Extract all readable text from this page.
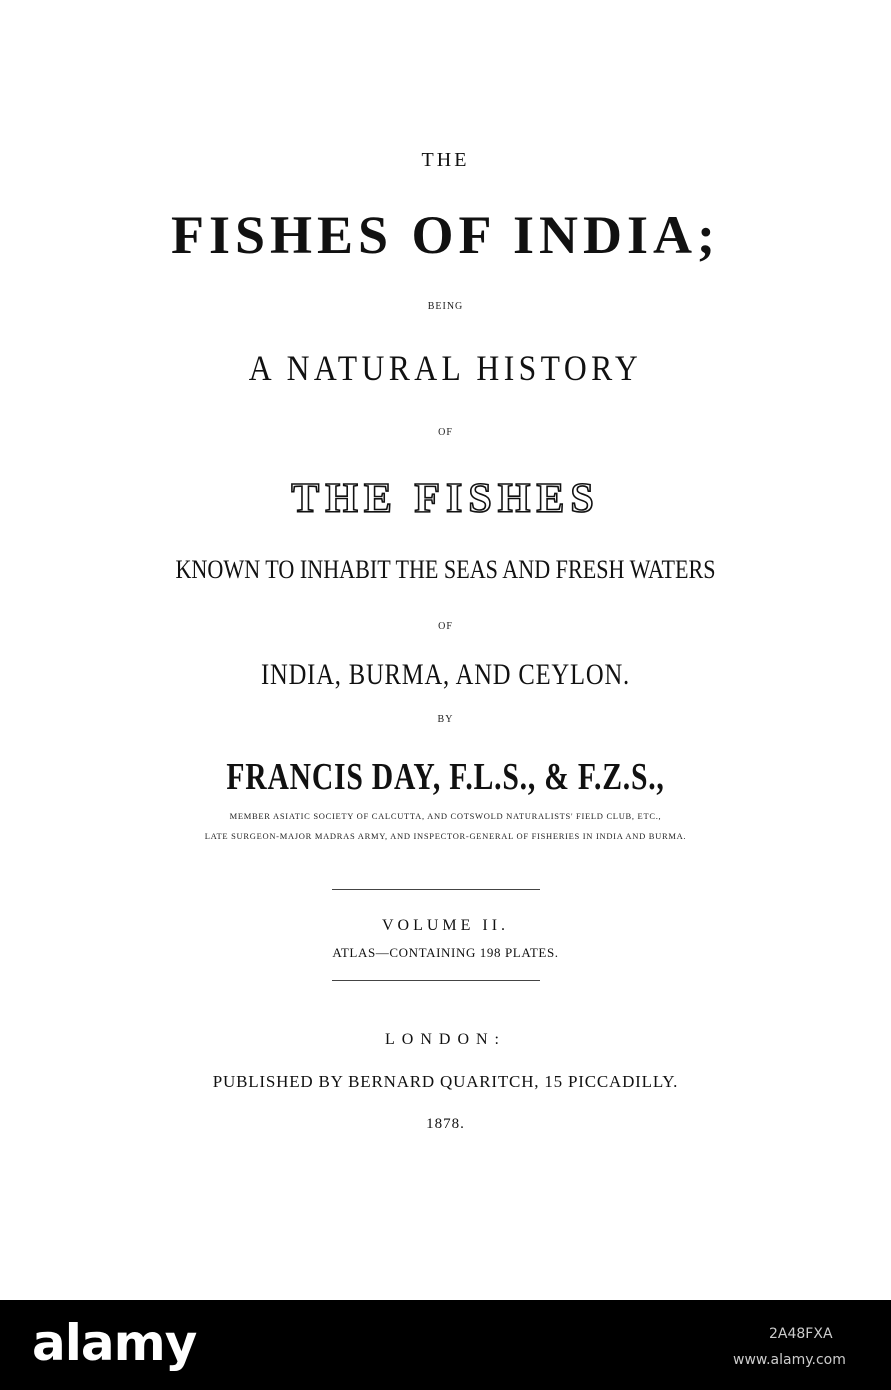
THE
FISHES OF INDIA;
BEING
A NATURAL HISTORY
OF
THE FISHES
KNOWN TO INHABIT THE SEAS AND FRESH WATERS
OF
INDIA, BURMA, AND CEYLON.
BY
FRANCIS DAY, F.L.S., & F.Z.S.,
MEMBER ASIATIC SOCIETY OF CALCUTTA, AND COTSWOLD NATURALISTS' FIELD CLUB, ETC.,
LATE SURGEON-MAJOR MADRAS ARMY, AND INSPECTOR-GENERAL OF FISHERIES IN INDIA AND BURMA.
VOLUME II.
ATLAS—CONTAINING 198 PLATES.
LONDON:
PUBLISHED BY BERNARD QUARITCH, 15 PICCADILLY.
1878.
alamy	2A48FXA
www.alamy.com
